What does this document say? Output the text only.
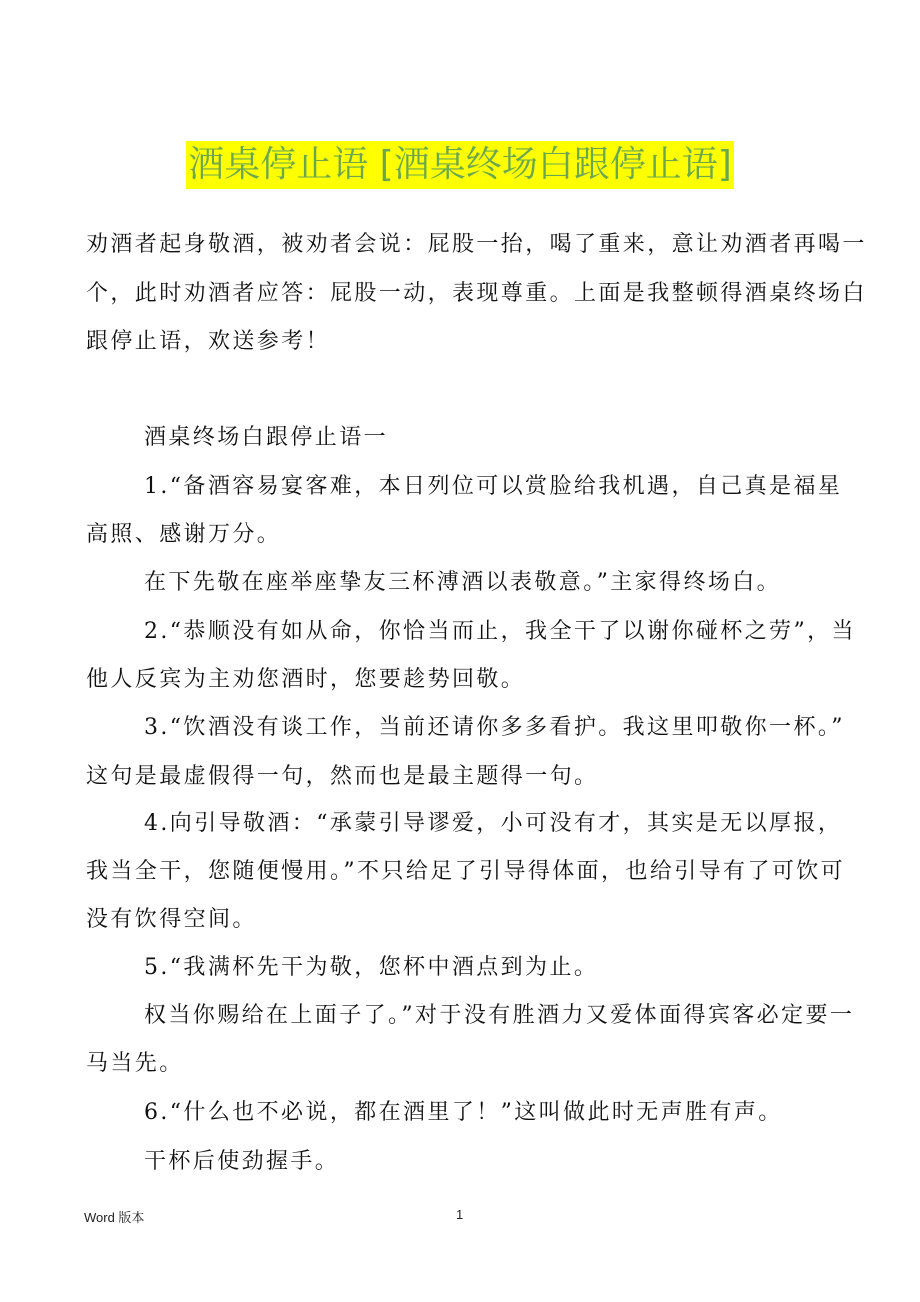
酒桌停止语 [酒桌终场白跟停止语]
劝酒者起身敬酒，被劝者会说：屁股一抬，喝了重来，意让劝酒者再喝一
个，此时劝酒者应答：屁股一动，表现尊重。上面是我整顿得酒桌终场白
跟停止语，欢送参考！
酒桌终场白跟停止语一
1.“备酒容易宴客难，本日列位可以赏脸给我机遇，自己真是福星
高照、感谢万分。
在下先敬在座举座挚友三杯溥酒以表敬意。”主家得终场白。
2.“恭顺没有如从命，你恰当而止，我全干了以谢你碰杯之劳”，当
他人反宾为主劝您酒时，您要趁势回敬。
3.“饮酒没有谈工作，当前还请你多多看护。我这里叩敬你一杯。”
这句是最虚假得一句，然而也是最主题得一句。
4.向引导敬酒：“承蒙引导谬爱，小可没有才，其实是无以厚报，
我当全干，您随便慢用。”不只给足了引导得体面，也给引导有了可饮可
没有饮得空间。
5.“我满杯先干为敬，您杯中酒点到为止。
权当你赐给在上面子了。”对于没有胜酒力又爱体面得宾客必定要一
马当先。
6.“什么也不必说，都在酒里了！”这叫做此时无声胜有声。
干杯后使劲握手。
Word 版本	1
